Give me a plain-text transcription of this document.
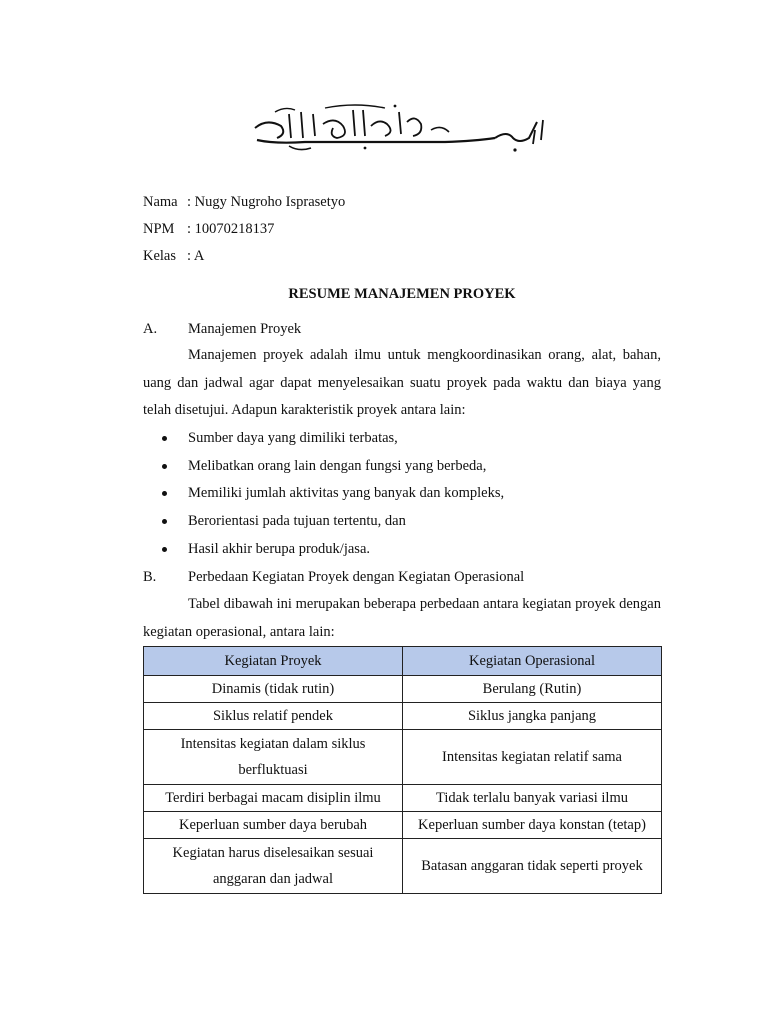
Nama : Nugy Nugroho Isprasetyo
NPM : 10070218137
Kelas : A
RESUME MANAJEMEN PROYEK
A. Manajemen Proyek
Manajemen proyek adalah ilmu untuk mengkoordinasikan orang, alat, bahan, uang dan jadwal agar dapat menyelesaikan suatu proyek pada waktu dan biaya yang telah disetujui. Adapun karakteristik proyek antara lain:
Sumber daya yang dimiliki terbatas,
Melibatkan orang lain dengan fungsi yang berbeda,
Memiliki jumlah aktivitas yang banyak dan kompleks,
Berorientasi pada tujuan tertentu, dan
Hasil akhir berupa produk/jasa.
B. Perbedaan Kegiatan Proyek dengan Kegiatan Operasional
Tabel dibawah ini merupakan beberapa perbedaan antara kegiatan proyek dengan kegiatan operasional, antara lain:
Kegiatan Proyek	Kegiatan Operasional
Dinamis (tidak rutin)	Berulang (Rutin)
Siklus relatif pendek	Siklus jangka panjang
Intensitas kegiatan dalam siklus berfluktuasi	Intensitas kegiatan relatif sama
Terdiri berbagai macam disiplin ilmu	Tidak terlalu banyak variasi ilmu
Keperluan sumber daya berubah	Keperluan sumber daya konstan (tetap)
Kegiatan harus diselesaikan sesuai anggaran dan jadwal	Batasan anggaran tidak seperti proyek
